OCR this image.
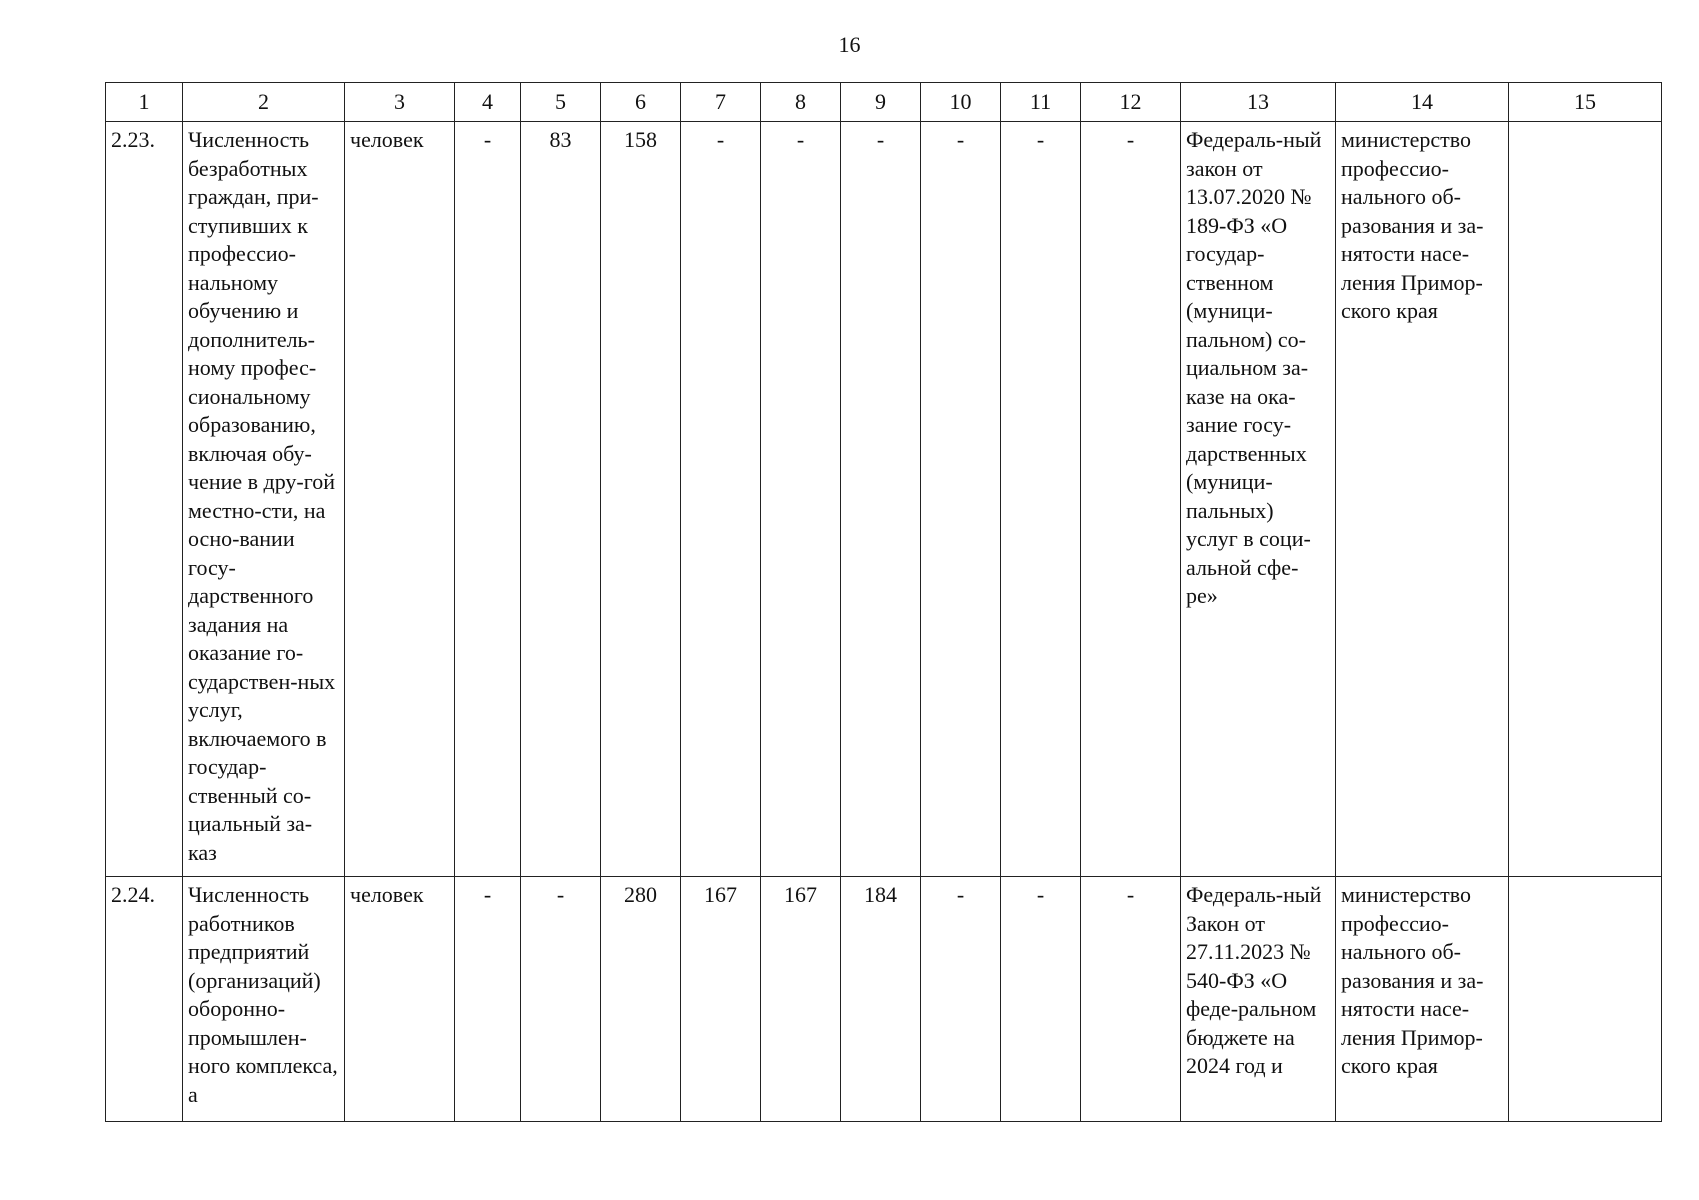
16
1	2	3	4	5	6	7	8	9	10	11	12	13	14	15
2.23.	Численность безработных граждан, при-ступивших к профессио-нальному обучению и дополнитель-ному профес-сиональному образованию, включая обу-чение в дру-гой местно-сти, на осно-вании госу-дарственного задания на оказание го-сударствен-ных услуг, включаемого в государ-ственный со-циальный за-каз	человек	-	83	158	-	-	-	-	-	-	Федераль-ный закон от 13.07.2020 № 189-ФЗ «О государ-ственном (муници-пальном) со-циальном за-казе на ока-зание госу-дарственных (муници-пальных) услуг в соци-альной сфе-ре»	министерство профессио-нального об-разования и за-нятости насе-ления Примор-ского края	
2.24.	Численность работников предприятий (организаций) оборонно-промышлен-ного комплекса, а	человек	-	-	280	167	167	184	-	-	-	Федераль-ный Закон от 27.11.2023 № 540-ФЗ «О феде-ральном бюджете на 2024 год и	министерство профессио-нального об-разования и за-нятости насе-ления Примор-ского края	
